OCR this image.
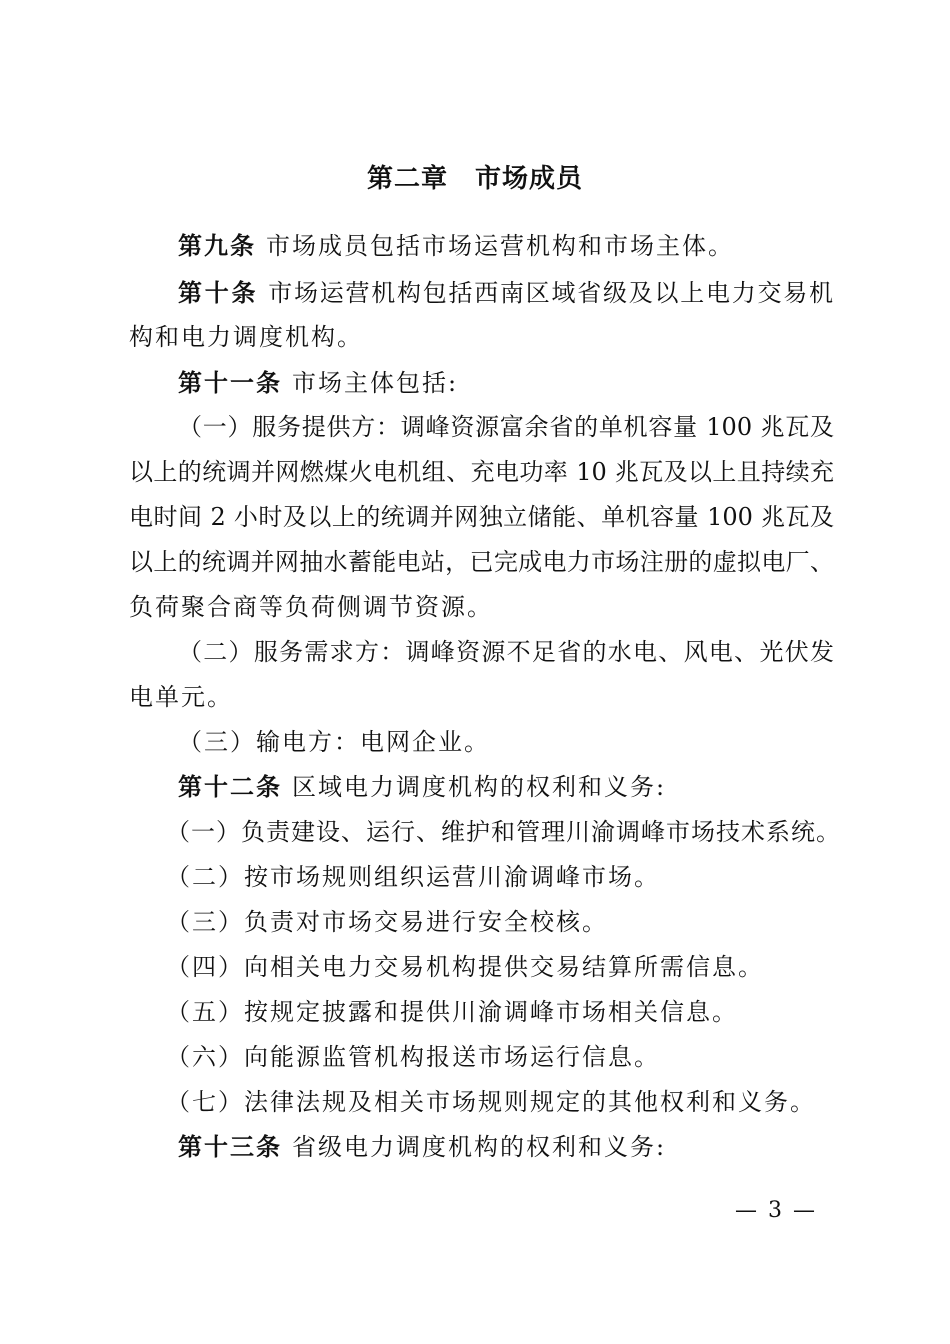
第二章　市场成员
第九条 市场成员包括市场运营机构和市场主体。
第十条 市场运营机构包括西南区域省级及以上电力交易机
构和电力调度机构。
第十一条 市场主体包括:
（一）服务提供方：调峰资源富余省的单机容量 100 兆瓦及
以上的统调并网燃煤火电机组、充电功率 10 兆瓦及以上且持续充
电时间 2 小时及以上的统调并网独立储能、单机容量 100 兆瓦及
以上的统调并网抽水蓄能电站，已完成电力市场注册的虚拟电厂、
负荷聚合商等负荷侧调节资源。
（二）服务需求方：调峰资源不足省的水电、风电、光伏发
电单元。
（三）输电方：电网企业。
第十二条 区域电力调度机构的权利和义务:
（一）负责建设、运行、维护和管理川渝调峰市场技术系统。
（二）按市场规则组织运营川渝调峰市场。
（三）负责对市场交易进行安全校核。
（四）向相关电力交易机构提供交易结算所需信息。
（五）按规定披露和提供川渝调峰市场相关信息。
（六）向能源监管机构报送市场运行信息。
（七）法律法规及相关市场规则规定的其他权利和义务。
第十三条 省级电力调度机构的权利和义务:
— 3 —
